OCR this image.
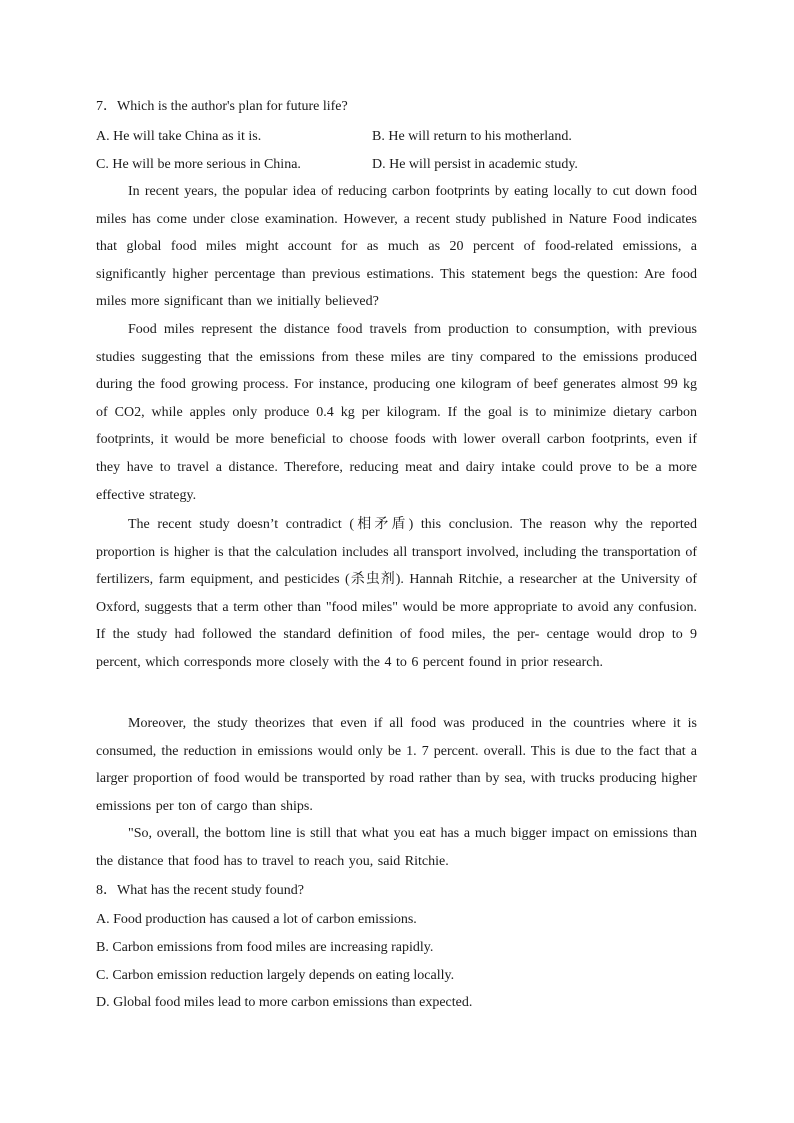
7．Which is the author's plan for future life?
A. He will take China as it is.	B. He will return to his motherland.
C. He will be more serious in China.	D. He will persist in academic study.
In recent years, the popular idea of reducing carbon footprints by eating locally to cut down food miles has come under close examination. However, a recent study published in Nature Food indicates that global food miles might account for as much as 20 percent of food-related emissions, a significantly higher percentage than previous estimations. This statement begs the question: Are food miles more significant than we initially believed?
Food miles represent the distance food travels from production to consumption, with previous studies suggesting that the emissions from these miles are tiny compared to the emissions produced during the food growing process. For instance, producing one kilogram of beef generates almost 99 kg of CO2, while apples only produce 0.4 kg per kilogram. If the goal is to minimize dietary carbon footprints, it would be more beneficial to choose foods with lower overall carbon footprints, even if they have to travel a distance. Therefore, reducing meat and dairy intake could prove to be a more effective strategy.
The recent study doesn’t contradict (相矛盾) this conclusion. The reason why the reported proportion is higher is that the calculation includes all transport involved, including the transportation of fertilizers, farm equipment, and pesticides (杀虫剂). Hannah Ritchie, a researcher at the University of Oxford, suggests that a term other than "food miles" would be more appropriate to avoid any confusion. If the study had followed the standard definition of food miles, the per- centage would drop to 9 percent, which corresponds more closely with the 4 to 6 percent found in prior research.
Moreover, the study theorizes that even if all food was produced in the countries where it is consumed, the reduction in emissions would only be 1. 7 percent. overall. This is due to the fact that a larger proportion of food would be transported by road rather than by sea, with trucks producing higher emissions per ton of cargo than ships.
"So, overall, the bottom line is still that what you eat has a much bigger impact on emissions than the distance that food has to travel to reach you, said Ritchie.
8．What has the recent study found?
A. Food production has caused a lot of carbon emissions.
B. Carbon emissions from food miles are increasing rapidly.
C. Carbon emission reduction largely depends on eating locally.
D. Global food miles lead to more carbon emissions than expected.
